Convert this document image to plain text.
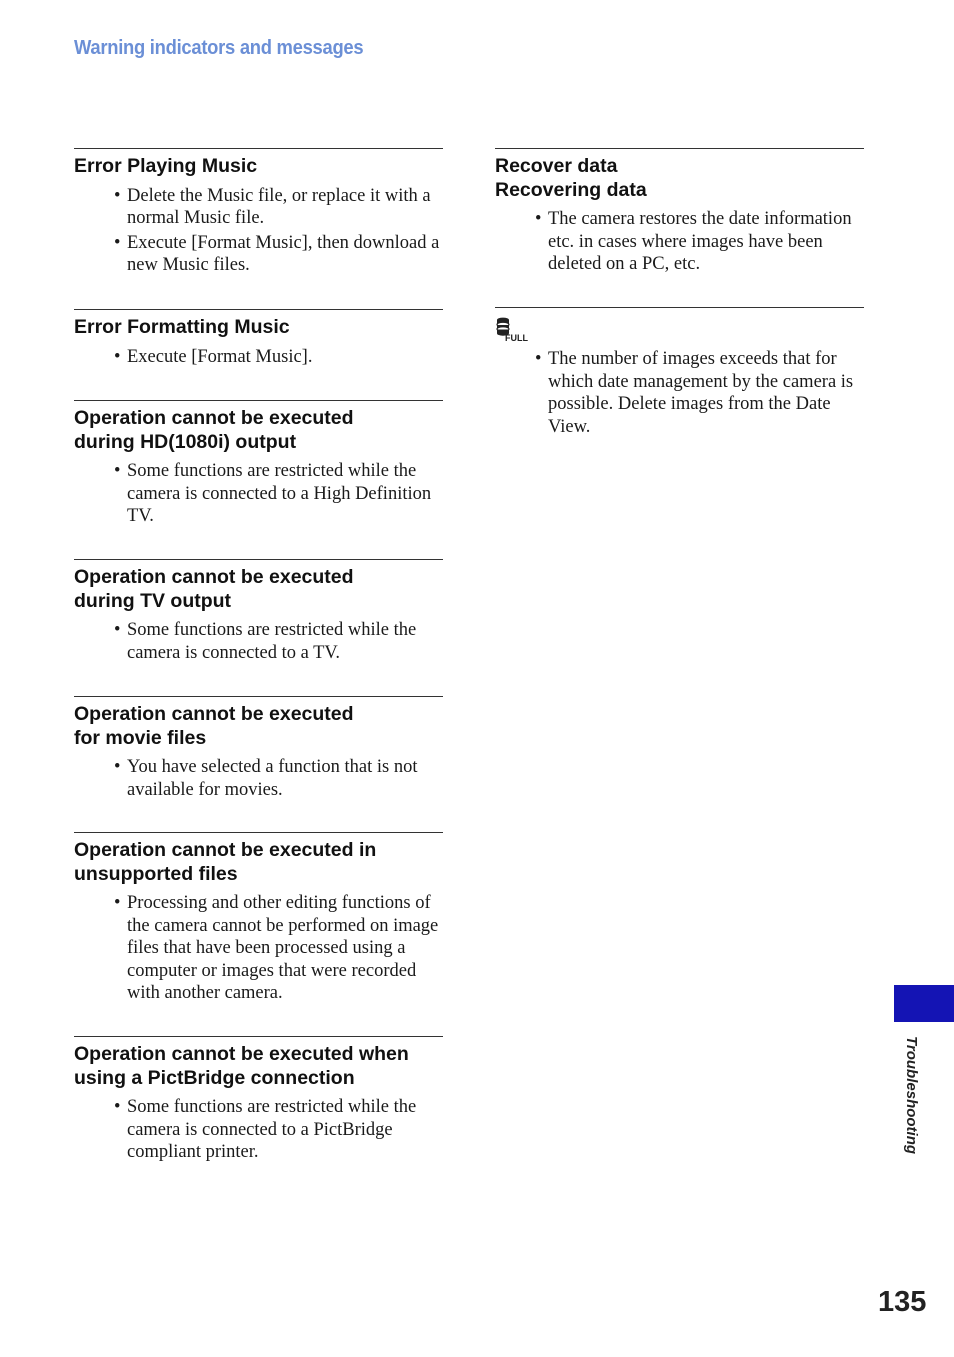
Warning indicators and messages
Error Playing Music
• Delete the Music file, or replace it with a normal Music file.
• Execute [Format Music], then download a new Music files.
Error Formatting Music
• Execute [Format Music].
Operation cannot be executed during HD(1080i) output
• Some functions are restricted while the camera is connected to a High Definition TV.
Operation cannot be executed during TV output
• Some functions are restricted while the camera is connected to a TV.
Operation cannot be executed for movie files
• You have selected a function that is not available for movies.
Operation cannot be executed in unsupported files
• Processing and other editing functions of the camera cannot be performed on image files that have been processed using a computer or images that were recorded with another camera.
Operation cannot be executed when using a PictBridge connection
• Some functions are restricted while the camera is connected to a PictBridge compliant printer.
Recover data
Recovering data
• The camera restores the date information etc. in cases where images have been deleted on a PC, etc.
FULL
• The number of images exceeds that for which date management by the camera is possible. Delete images from the Date View.
Troubleshooting
135
